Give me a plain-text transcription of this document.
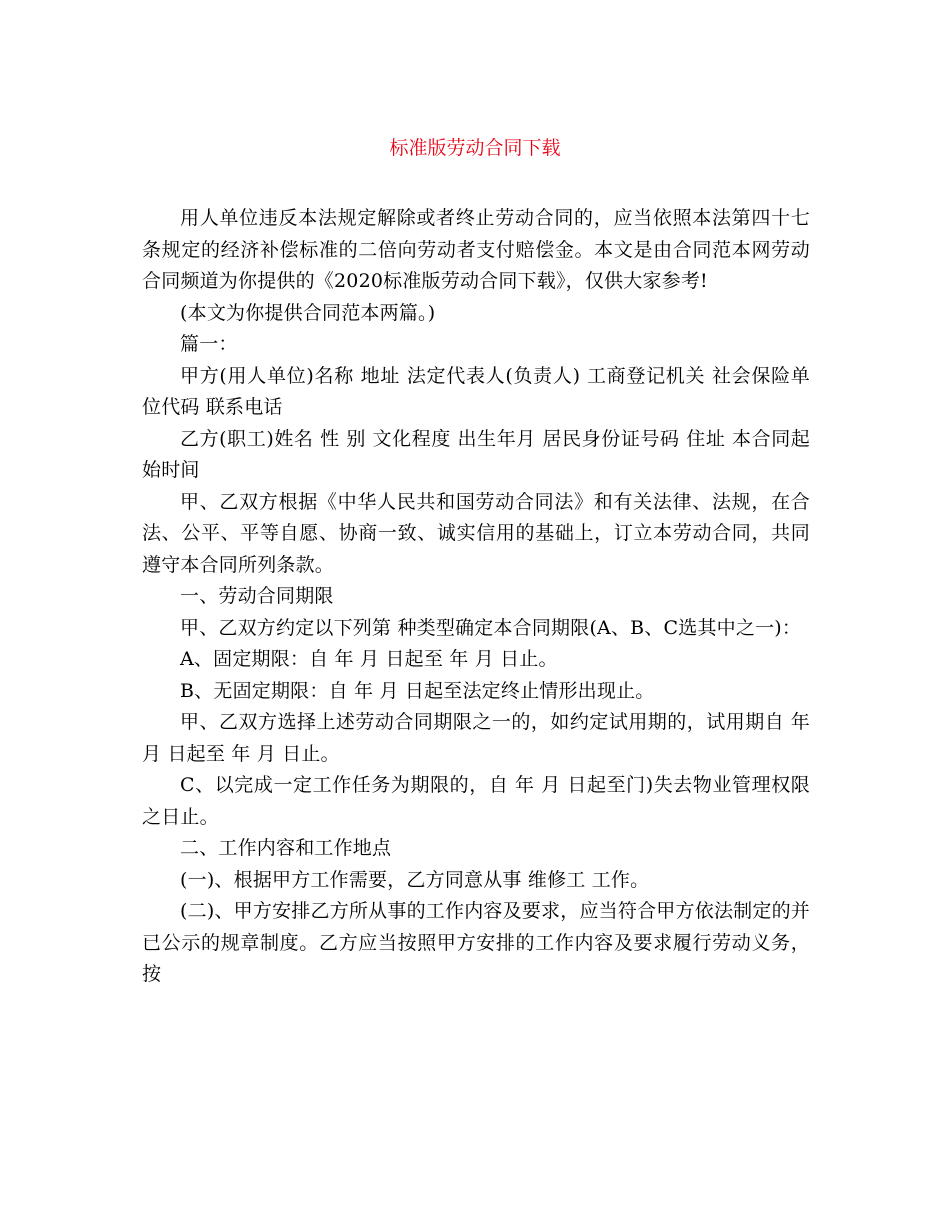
标准版劳动合同下载

用人单位违反本法规定解除或者终止劳动合同的，应当依照本法第四十七条规定的经济补偿标准的二倍向劳动者支付赔偿金。本文是由合同范本网劳动合同频道为你提供的《2020标准版劳动合同下载》，仅供大家参考!

(本文为你提供合同范本两篇。)

篇一：

甲方(用人单位)名称 地址 法定代表人(负责人) 工商登记机关 社会保险单位代码 联系电话

乙方(职工)姓名 性 别 文化程度 出生年月 居民身份证号码 住址 本合同起始时间

甲、乙双方根据《中华人民共和国劳动合同法》和有关法律、法规，在合法、公平、平等自愿、协商一致、诚实信用的基础上，订立本劳动合同，共同遵守本合同所列条款。

一、劳动合同期限

甲、乙双方约定以下列第 种类型确定本合同期限(A、B、C选其中之一)：

A、固定期限：自 年 月 日起至 年 月 日止。

B、无固定期限：自 年 月 日起至法定终止情形出现止。

甲、乙双方选择上述劳动合同期限之一的，如约定试用期的，试用期自 年 月 日起至 年 月 日止。

C、以完成一定工作任务为期限的，自 年 月 日起至门)失去物业管理权限 之日止。

二、工作内容和工作地点

(一)、根据甲方工作需要，乙方同意从事 维修工 工作。

(二)、甲方安排乙方所从事的工作内容及要求，应当符合甲方依法制定的并已公示的规章制度。乙方应当按照甲方安排的工作内容及要求履行劳动义务，按
